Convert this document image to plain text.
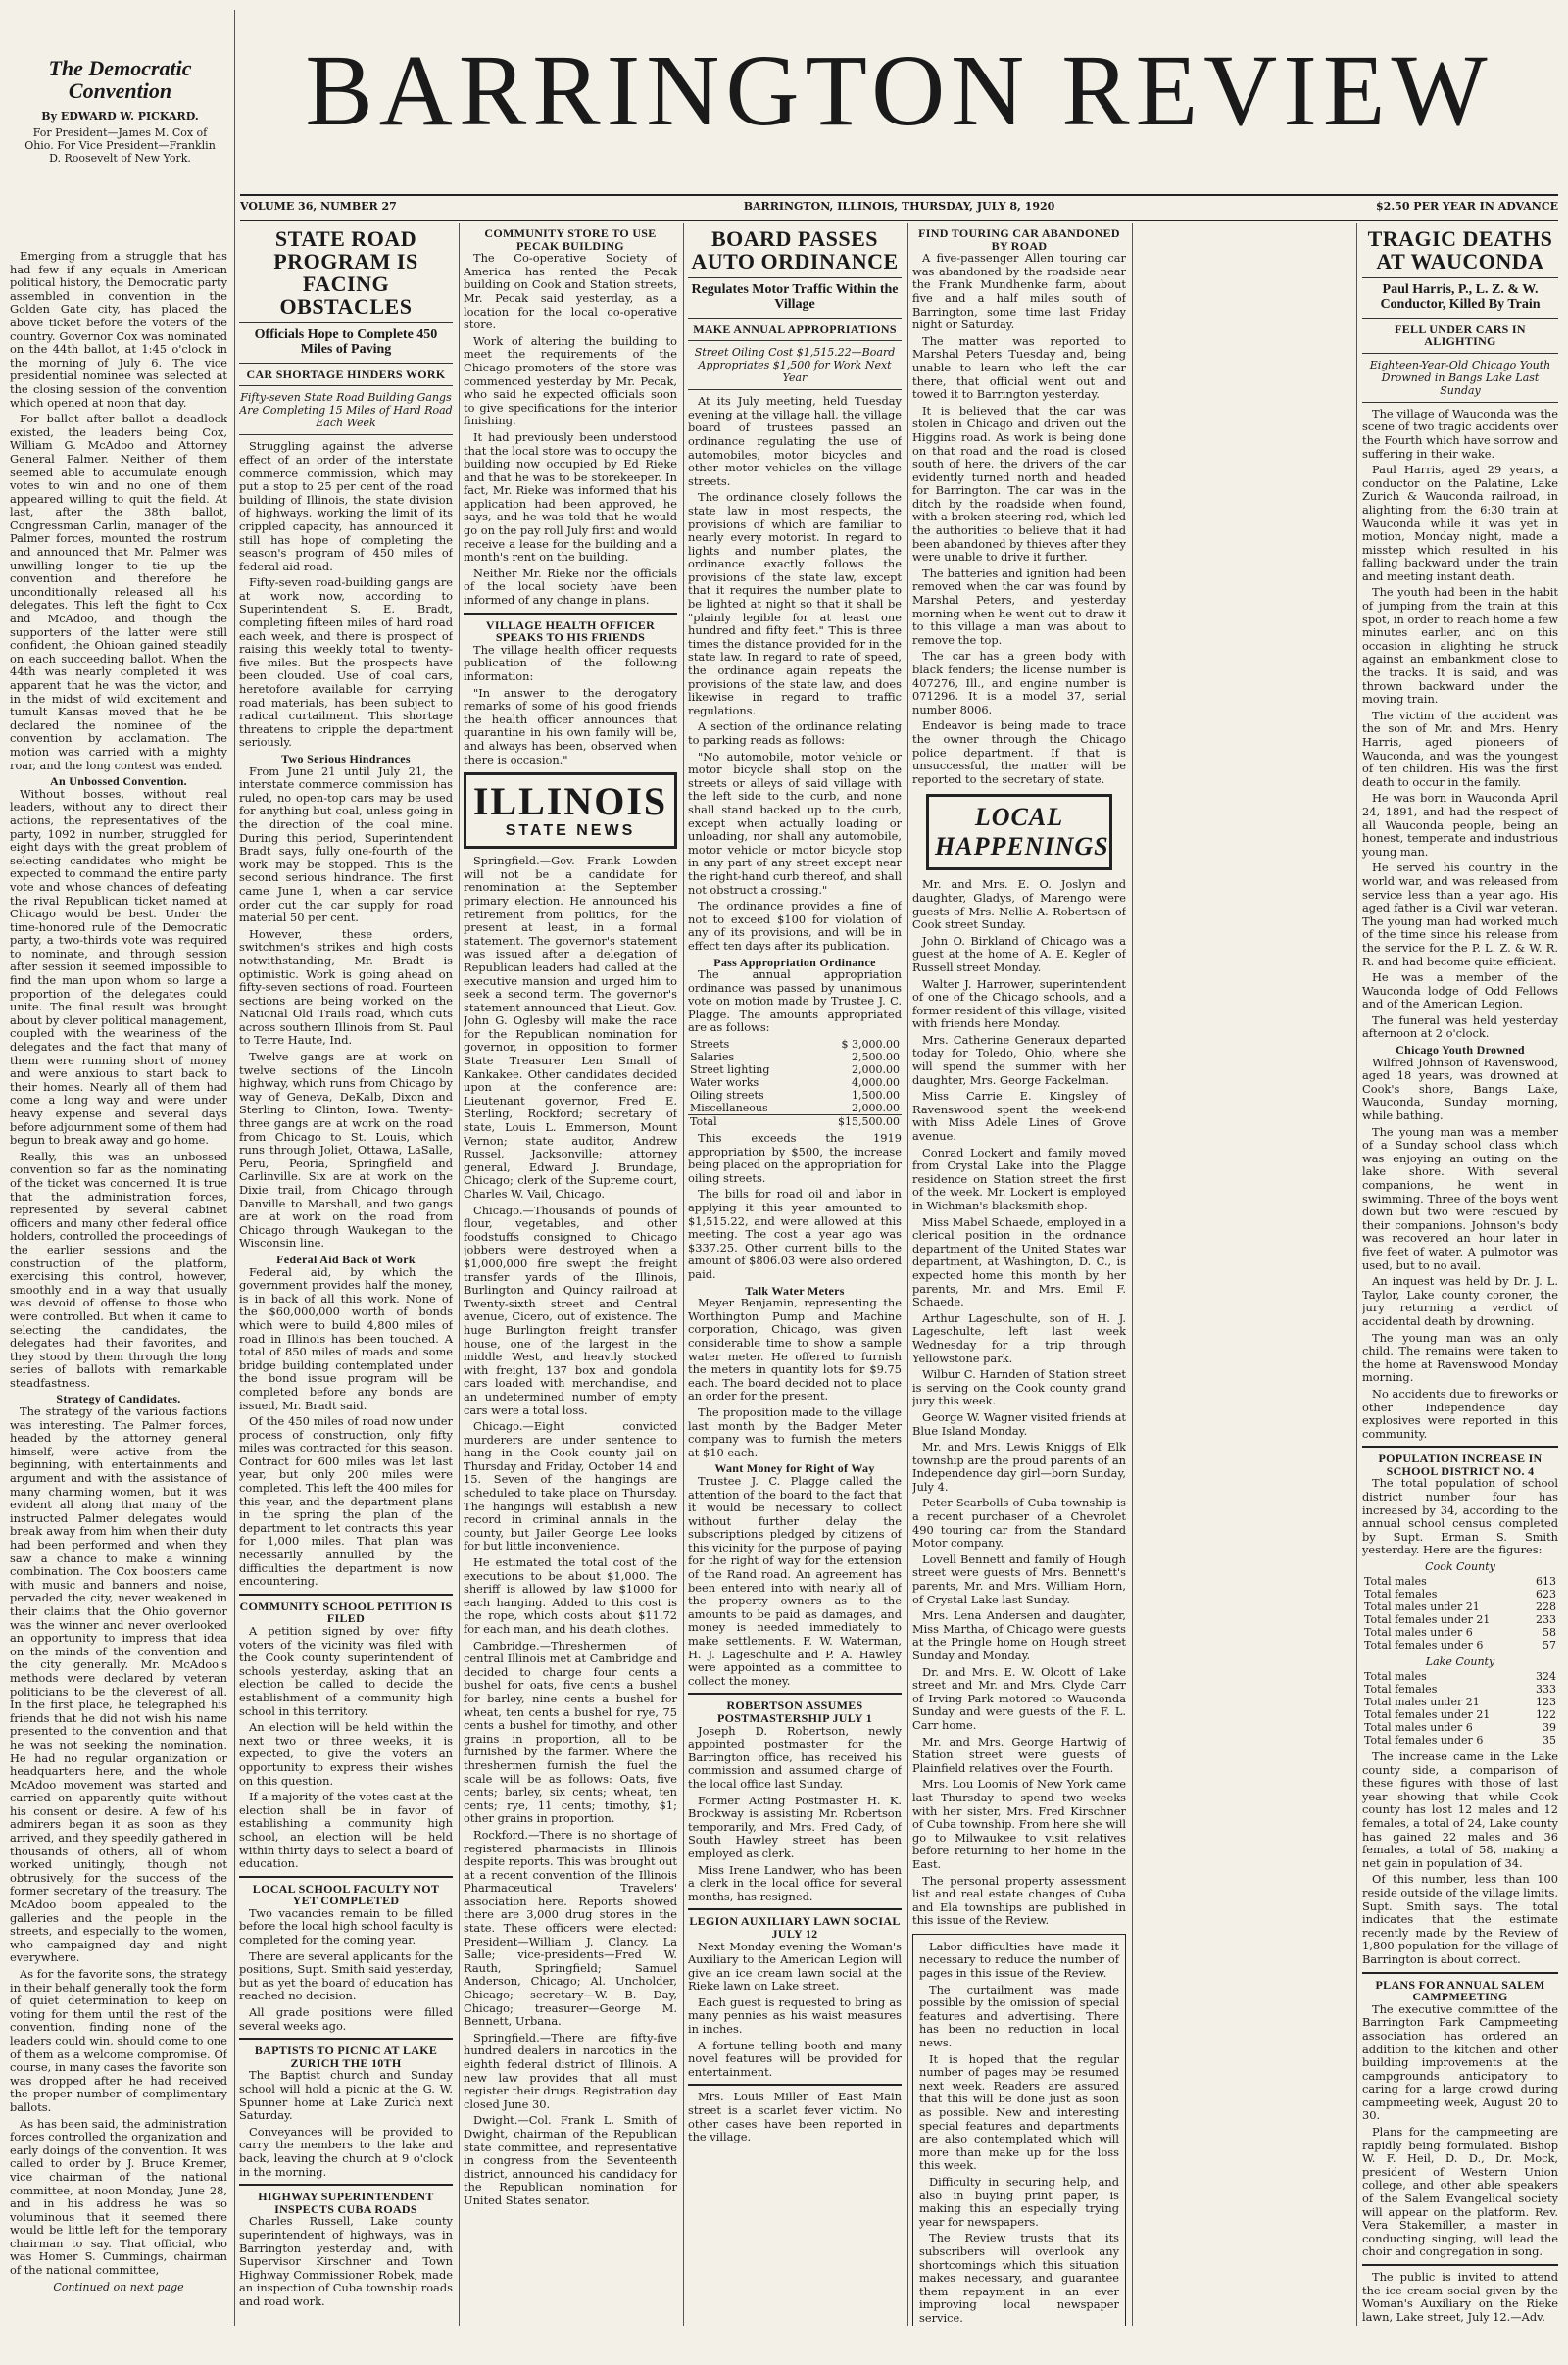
The Democratic Convention
By EDWARD W. PICKARD.
For President—James M. Cox of Ohio. For Vice President—Franklin D. Roosevelt of New York.
BARRINGTON REVIEW
VOLUME 36, NUMBER 27	BARRINGTON, ILLINOIS, THURSDAY, JULY 8, 1920	$2.50 PER YEAR IN ADVANCE

Emerging from a struggle that has had few if any equals in American political history, the Democratic party assembled in convention in the Golden Gate city, has placed the above ticket before the voters of the country. Governor Cox was nominated on the 44th ballot, at 1:45 o'clock in the morning of July 6. The vice presidential nominee was selected at the closing session of the convention which opened at noon that day.

For ballot after ballot a deadlock existed, the leaders being Cox, William G. McAdoo and Attorney General Palmer. Neither of them seemed able to accumulate enough votes to win and no one of them appeared willing to quit the field. At last, after the 38th ballot, Congressman Carlin, manager of the Palmer forces, mounted the rostrum and announced that Mr. Palmer was unwilling longer to tie up the convention and therefore he unconditionally released all his delegates. This left the fight to Cox and McAdoo, and though the supporters of the latter were still confident, the Ohioan gained steadily on each succeeding ballot. When the 44th was nearly completed it was apparent that he was the victor, and in the midst of wild excitement and tumult Kansas moved that he be declared the nominee of the convention by acclamation. The motion was carried with a mighty roar, and the long contest was ended.

An Unbossed Convention.

Without bosses, without real leaders, without any to direct their actions, the representatives of the party, 1092 in number, struggled for eight days with the great problem of selecting candidates who might be expected to command the entire party vote and whose chances of defeating the rival Republican ticket named at Chicago would be best. Under the time-honored rule of the Democratic party, a two-thirds vote was required to nominate, and through session after session it seemed impossible to find the man upon whom so large a proportion of the delegates could unite. The final result was brought about by clever political management, coupled with the weariness of the delegates and the fact that many of them were running short of money and were anxious to start back to their homes. Nearly all of them had come a long way and were under heavy expense and several days before adjournment some of them had begun to break away and go home.

Really, this was an unbossed convention so far as the nominating of the ticket was concerned. It is true that the administration forces, represented by several cabinet officers and many other federal office holders, controlled the proceedings of the earlier sessions and the construction of the platform, exercising this control, however, smoothly and in a way that usually was devoid of offense to those who were controlled. But when it came to selecting the candidates, the delegates had their favorites, and they stood by them through the long series of ballots with remarkable steadfastness.

Strategy of Candidates.

The strategy of the various factions was interesting. The Palmer forces, headed by the attorney general himself, were active from the beginning, with entertainments and argument and with the assistance of many charming women, but it was evident all along that many of the instructed Palmer delegates would break away from him when their duty had been performed and when they saw a chance to make a winning combination. The Cox boosters came with music and banners and noise, pervaded the city, never weakened in their claims that the Ohio governor was the winner and never overlooked an opportunity to impress that idea on the minds of the convention and the city generally. Mr. McAdoo's methods were declared by veteran politicians to be the cleverest of all. In the first place, he telegraphed his friends that he did not wish his name presented to the convention and that he was not seeking the nomination. He had no regular organization or headquarters here, and the whole McAdoo movement was started and carried on apparently quite without his consent or desire. A few of his admirers began it as soon as they arrived, and they speedily gathered in thousands of others, all of whom worked unitingly, though not obtrusively, for the success of the former secretary of the treasury. The McAdoo boom appealed to the galleries and the people in the streets, and especially to the women, who campaigned day and night everywhere.

As for the favorite sons, the strategy in their behalf generally took the form of quiet determination to keep on voting for them until the rest of the convention, finding none of the leaders could win, should come to one of them as a welcome compromise. Of course, in many cases the favorite son was dropped after he had received the proper number of complimentary ballots.

As has been said, the administration forces controlled the organization and early doings of the convention. It was called to order by J. Bruce Kremer, vice chairman of the national committee, at noon Monday, June 28, and in his address he was so voluminous that it seemed there would be little left for the temporary chairman to say. That official, who was Homer S. Cummings, chairman of the national committee,

Continued on next page
STATE ROAD PROGRAM IS FACING OBSTACLES
Officials Hope to Complete 450 Miles of Paving
CAR SHORTAGE HINDERS WORK
Fifty-seven State Road Building Gangs Are Completing 15 Miles of Hard Road Each Week

Struggling against the adverse effect of an order of the interstate commerce commission, which may put a stop to 25 per cent of the road building of Illinois, the state division of highways, working the limit of its crippled capacity, has announced it still has hope of completing the season's program of 450 miles of federal aid road.

Fifty-seven road-building gangs are at work now, according to Superintendent S. E. Bradt, completing fifteen miles of hard road each week, and there is prospect of raising this weekly total to twenty-five miles. But the prospects have been clouded. Use of coal cars, heretofore available for carrying road materials, has been subject to radical curtailment. This shortage threatens to cripple the department seriously.

Two Serious Hindrances

From June 21 until July 21, the interstate commerce commission has ruled, no open-top cars may be used for anything but coal, unless going in the direction of the coal mine. During this period, Superintendent Bradt says, fully one-fourth of the work may be stopped. This is the second serious hindrance. The first came June 1, when a car service order cut the car supply for road material 50 per cent.

However, these orders, switchmen's strikes and high costs notwithstanding, Mr. Bradt is optimistic. Work is going ahead on fifty-seven sections of road. Fourteen sections are being worked on the National Old Trails road, which cuts across southern Illinois from St. Paul to Terre Haute, Ind.

Twelve gangs are at work on twelve sections of the Lincoln highway, which runs from Chicago by way of Geneva, DeKalb, Dixon and Sterling to Clinton, Iowa. Twenty-three gangs are at work on the road from Chicago to St. Louis, which runs through Joliet, Ottawa, LaSalle, Peru, Peoria, Springfield and Carlinville. Six are at work on the Dixie trail, from Chicago through Danville to Marshall, and two gangs are at work on the road from Chicago through Waukegan to the Wisconsin line.

Federal Aid Back of Work

Federal aid, by which the government provides half the money, is in back of all this work. None of the $60,000,000 worth of bonds which were to build 4,800 miles of road in Illinois has been touched. A total of 850 miles of roads and some bridge building contemplated under the bond issue program will be completed before any bonds are issued, Mr. Bradt said.

Of the 450 miles of road now under process of construction, only fifty miles was contracted for this season. Contract for 600 miles was let last year, but only 200 miles were completed. This left the 400 miles for this year, and the department plans in the spring the plan of the department to let contracts this year for 1,000 miles. That plan was necessarily annulled by the difficulties the department is now encountering.

COMMUNITY SCHOOL PETITION IS FILED

A petition signed by over fifty voters of the vicinity was filed with the Cook county superintendent of schools yesterday, asking that an election be called to decide the establishment of a community high school in this territory.

An election will be held within the next two or three weeks, it is expected, to give the voters an opportunity to express their wishes on this question.

If a majority of the votes cast at the election shall be in favor of establishing a community high school, an election will be held within thirty days to select a board of education.

LOCAL SCHOOL FACULTY NOT YET COMPLETED

Two vacancies remain to be filled before the local high school faculty is completed for the coming year.

There are several applicants for the positions, Supt. Smith said yesterday, but as yet the board of education has reached no decision.

All grade positions were filled several weeks ago.

BAPTISTS TO PICNIC AT LAKE ZURICH THE 10TH

The Baptist church and Sunday school will hold a picnic at the G. W. Spunner home at Lake Zurich next Saturday.

Conveyances will be provided to carry the members to the lake and back, leaving the church at 9 o'clock in the morning.

HIGHWAY SUPERINTENDENT INSPECTS CUBA ROADS

Charles Russell, Lake county superintendent of highways, was in Barrington yesterday and, with Supervisor Kirschner and Town Highway Commissioner Robek, made an inspection of Cuba township roads and road work.

COMMUNITY STORE TO USE PECAK BUILDING

The Co-operative Society of America has rented the Pecak building on Cook and Station streets, Mr. Pecak said yesterday, as a location for the local co-operative store.

Work of altering the building to meet the requirements of the Chicago promoters of the store was commenced yesterday by Mr. Pecak, who said he expected officials soon to give specifications for the interior finishing.

It had previously been understood that the local store was to occupy the building now occupied by Ed Rieke and that he was to be storekeeper. In fact, Mr. Rieke was informed that his application had been approved, he says, and he was told that he would go on the pay roll July first and would receive a lease for the building and a month's rent on the building.

Neither Mr. Rieke nor the officials of the local society have been informed of any change in plans.

VILLAGE HEALTH OFFICER SPEAKS TO HIS FRIENDS

The village health officer requests publication of the following information:

"In answer to the derogatory remarks of some of his good friends the health officer announces that quarantine in his own family will be, and always has been, observed when there is occasion."

ILLINOIS
STATE NEWS

Springfield.—Gov. Frank Lowden will not be a candidate for renomination at the September primary election. He announced his retirement from politics, for the present at least, in a formal statement. The governor's statement was issued after a delegation of Republican leaders had called at the executive mansion and urged him to seek a second term. The governor's statement announced that Lieut. Gov. John G. Oglesby will make the race for the Republican nomination for governor, in opposition to former State Treasurer Len Small of Kankakee. Other candidates decided upon at the conference are: Lieutenant governor, Fred E. Sterling, Rockford; secretary of state, Louis L. Emmerson, Mount Vernon; state auditor, Andrew Russel, Jacksonville; attorney general, Edward J. Brundage, Chicago; clerk of the Supreme court, Charles W. Vail, Chicago.

Chicago.—Thousands of pounds of flour, vegetables, and other foodstuffs consigned to Chicago jobbers were destroyed when a $1,000,000 fire swept the freight transfer yards of the Illinois, Burlington and Quincy railroad at Twenty-sixth street and Central avenue, Cicero, out of existence. The huge Burlington freight transfer house, one of the largest in the middle West, and heavily stocked with freight, 137 box and gondola cars loaded with merchandise, and an undetermined number of empty cars were a total loss.

Chicago.—Eight convicted murderers are under sentence to hang in the Cook county jail on Thursday and Friday, October 14 and 15. Seven of the hangings are scheduled to take place on Thursday. The hangings will establish a new record in criminal annals in the county, but Jailer George Lee looks for but little inconvenience.

He estimated the total cost of the executions to be about $1,000. The sheriff is allowed by law $1000 for each hanging. Added to this cost is the rope, which costs about $11.72 for each man, and his death clothes.

Cambridge.—Threshermen of central Illinois met at Cambridge and decided to charge four cents a bushel for oats, five cents a bushel for barley, nine cents a bushel for wheat, ten cents a bushel for rye, 75 cents a bushel for timothy, and other grains in proportion, all to be furnished by the farmer. Where the threshermen furnish the fuel the scale will be as follows: Oats, five cents; barley, six cents; wheat, ten cents; rye, 11 cents; timothy, $1; other grains in proportion.

Rockford.—There is no shortage of registered pharmacists in Illinois despite reports. This was brought out at a recent convention of the Illinois Pharmaceutical Travelers' association here. Reports showed there are 3,000 drug stores in the state. These officers were elected: President—William J. Clancy, La Salle; vice-presidents—Fred W. Rauth, Springfield; Samuel Anderson, Chicago; Al. Uncholder, Chicago; secretary—W. B. Day, Chicago; treasurer—George M. Bennett, Urbana.

Springfield.—There are fifty-five hundred dealers in narcotics in the eighth federal district of Illinois. A new law provides that all must register their drugs. Registration day closed June 30.

Dwight.—Col. Frank L. Smith of Dwight, chairman of the Republican state committee, and representative in congress from the Seventeenth district, announced his candidacy for the Republican nomination for United States senator.

BOARD PASSES AUTO ORDINANCE
Regulates Motor Traffic Within the Village
MAKE ANNUAL APPROPRIATIONS
Street Oiling Cost $1,515.22—Board Appropriates $1,500 for Work Next Year

At its July meeting, held Tuesday evening at the village hall, the village board of trustees passed an ordinance regulating the use of automobiles, motor bicycles and other motor vehicles on the village streets.

The ordinance closely follows the state law in most respects, the provisions of which are familiar to nearly every motorist. In regard to lights and number plates, the ordinance exactly follows the provisions of the state law, except that it requires the number plate to be lighted at night so that it shall be "plainly legible for at least one hundred and fifty feet." This is three times the distance provided for in the state law. In regard to rate of speed, the ordinance again repeats the provisions of the state law, and does likewise in regard to traffic regulations.

A section of the ordinance relating to parking reads as follows:

"No automobile, motor vehicle or motor bicycle shall stop on the streets or alleys of said village with the left side to the curb, and none shall stand backed up to the curb, except when actually loading or unloading, nor shall any automobile, motor vehicle or motor bicycle stop in any part of any street except near the right-hand curb thereof, and shall not obstruct a crossing."

The ordinance provides a fine of not to exceed $100 for violation of any of its provisions, and will be in effect ten days after its publication.

Pass Appropriation Ordinance

The annual appropriation ordinance was passed by unanimous vote on motion made by Trustee J. C. Plagge. The amounts appropriated are as follows:

Streets	$ 3,000.00
Salaries	2,500.00
Street lighting	2,000.00
Water works	4,000.00
Oiling streets	1,500.00
Miscellaneous	2,000.00
Total	$15,500.00

This exceeds the 1919 appropriation by $500, the increase being placed on the appropriation for oiling streets.

The bills for road oil and labor in applying it this year amounted to $1,515.22, and were allowed at this meeting. The cost a year ago was $337.25. Other current bills to the amount of $806.03 were also ordered paid.

Talk Water Meters

Meyer Benjamin, representing the Worthington Pump and Machine corporation, Chicago, was given considerable time to show a sample water meter. He offered to furnish the meters in quantity lots for $9.75 each. The board decided not to place an order for the present.

The proposition made to the village last month by the Badger Meter company was to furnish the meters at $10 each.

Want Money for Right of Way

Trustee J. C. Plagge called the attention of the board to the fact that it would be necessary to collect without further delay the subscriptions pledged by citizens of this vicinity for the purpose of paying for the right of way for the extension of the Rand road. An agreement has been entered into with nearly all of the property owners as to the amounts to be paid as damages, and money is needed immediately to make settlements. F. W. Waterman, H. J. Lageschulte and P. A. Hawley were appointed as a committee to collect the money.

ROBERTSON ASSUMES POSTMASTERSHIP JULY 1

Joseph D. Robertson, newly appointed postmaster for the Barrington office, has received his commission and assumed charge of the local office last Sunday.

Former Acting Postmaster H. K. Brockway is assisting Mr. Robertson temporarily, and Mrs. Fred Cady, of South Hawley street has been employed as clerk.

Miss Irene Landwer, who has been a clerk in the local office for several months, has resigned.

LEGION AUXILIARY LAWN SOCIAL JULY 12

Next Monday evening the Woman's Auxiliary to the American Legion will give an ice cream lawn social at the Rieke lawn on Lake street.

Each guest is requested to bring as many pennies as his waist measures in inches.

A fortune telling booth and many novel features will be provided for entertainment.

Mrs. Louis Miller of East Main street is a scarlet fever victim. No other cases have been reported in the village.

FIND TOURING CAR ABANDONED BY ROAD

A five-passenger Allen touring car was abandoned by the roadside near the Frank Mundhenke farm, about five and a half miles south of Barrington, some time last Friday night or Saturday.

The matter was reported to Marshal Peters Tuesday and, being unable to learn who left the car there, that official went out and towed it to Barrington yesterday.

It is believed that the car was stolen in Chicago and driven out the Higgins road. As work is being done on that road and the road is closed south of here, the drivers of the car evidently turned north and headed for Barrington. The car was in the ditch by the roadside when found, with a broken steering rod, which led the authorities to believe that it had been abandoned by thieves after they were unable to drive it further.

The batteries and ignition had been removed when the car was found by Marshal Peters, and yesterday morning when he went out to draw it to this village a man was about to remove the top.

The car has a green body with black fenders; the license number is 407276, Ill., and engine number is 071296. It is a model 37, serial number 8006.

Endeavor is being made to trace the owner through the Chicago police department. If that is unsuccessful, the matter will be reported to the secretary of state.

LOCAL HAPPENINGS

Mr. and Mrs. E. O. Joslyn and daughter, Gladys, of Marengo were guests of Mrs. Nellie A. Robertson of Cook street Sunday.

John O. Birkland of Chicago was a guest at the home of A. E. Kegler of Russell street Monday.

Walter J. Harrower, superintendent of one of the Chicago schools, and a former resident of this village, visited with friends here Monday.

Mrs. Catherine Generaux departed today for Toledo, Ohio, where she will spend the summer with her daughter, Mrs. George Fackelman.

Miss Carrie E. Kingsley of Ravenswood spent the week-end with Miss Adele Lines of Grove avenue.

Conrad Lockert and family moved from Crystal Lake into the Plagge residence on Station street the first of the week. Mr. Lockert is employed in Wichman's blacksmith shop.

Miss Mabel Schaede, employed in a clerical position in the ordnance department of the United States war department, at Washington, D. C., is expected home this month by her parents, Mr. and Mrs. Emil F. Schaede.

Arthur Lageschulte, son of H. J. Lageschulte, left last week Wednesday for a trip through Yellowstone park.

Wilbur C. Harnden of Station street is serving on the Cook county grand jury this week.

George W. Wagner visited friends at Blue Island Monday.

Mr. and Mrs. Lewis Kniggs of Elk township are the proud parents of an Independence day girl—born Sunday, July 4.

Peter Scarbolls of Cuba township is a recent purchaser of a Chevrolet 490 touring car from the Standard Motor company.

Lovell Bennett and family of Hough street were guests of Mrs. Bennett's parents, Mr. and Mrs. William Horn, of Crystal Lake last Sunday.

Mrs. Lena Andersen and daughter, Miss Martha, of Chicago were guests at the Pringle home on Hough street Sunday and Monday.

Dr. and Mrs. E. W. Olcott of Lake street and Mr. and Mrs. Clyde Carr of Irving Park motored to Wauconda Sunday and were guests of the F. L. Carr home.

Mr. and Mrs. George Hartwig of Station street were guests of Plainfield relatives over the Fourth.

Mrs. Lou Loomis of New York came last Thursday to spend two weeks with her sister, Mrs. Fred Kirschner of Cuba township. From here she will go to Milwaukee to visit relatives before returning to her home in the East.

The personal property assessment list and real estate changes of Cuba and Ela townships are published in this issue of the Review.

Labor difficulties have made it necessary to reduce the number of pages in this issue of the Review.

The curtailment was made possible by the omission of special features and advertising. There has been no reduction in local news.

It is hoped that the regular number of pages may be resumed next week. Readers are assured that this will be done just as soon as possible. New and interesting special features and departments are also contemplated which will more than make up for the loss this week.

Difficulty in securing help, and also in buying print paper, is making this an especially trying year for newspapers.

The Review trusts that its subscribers will overlook any shortcomings which this situation makes necessary, and guarantee them repayment in an ever improving local newspaper service.

TRAGIC DEATHS AT WAUCONDA
Paul Harris, P., L. Z. & W. Conductor, Killed By Train
FELL UNDER CARS IN ALIGHTING
Eighteen-Year-Old Chicago Youth Drowned in Bangs Lake Last Sunday

The village of Wauconda was the scene of two tragic accidents over the Fourth which have sorrow and suffering in their wake.

Paul Harris, aged 29 years, a conductor on the Palatine, Lake Zurich & Wauconda railroad, in alighting from the 6:30 train at Wauconda while it was yet in motion, Monday night, made a misstep which resulted in his falling backward under the train and meeting instant death.

The youth had been in the habit of jumping from the train at this spot, in order to reach home a few minutes earlier, and on this occasion in alighting he struck against an embankment close to the tracks. It is said, and was thrown backward under the moving train.

The victim of the accident was the son of Mr. and Mrs. Henry Harris, aged pioneers of Wauconda, and was the youngest of ten children. His was the first death to occur in the family.

He was born in Wauconda April 24, 1891, and had the respect of all Wauconda people, being an honest, temperate and industrious young man.

He served his country in the world war, and was released from service less than a year ago. His aged father is a Civil war veteran. The young man had worked much of the time since his release from the service for the P. L. Z. & W. R. R. and had become quite efficient.

He was a member of the Wauconda lodge of Odd Fellows and of the American Legion.

The funeral was held yesterday afternoon at 2 o'clock.

Chicago Youth Drowned

Wilfred Johnson of Ravenswood, aged 18 years, was drowned at Cook's shore, Bangs Lake, Wauconda, Sunday morning, while bathing.

The young man was a member of a Sunday school class which was enjoying an outing on the lake shore. With several companions, he went in swimming. Three of the boys went down but two were rescued by their companions. Johnson's body was recovered an hour later in five feet of water. A pulmotor was used, but to no avail.

An inquest was held by Dr. J. L. Taylor, Lake county coroner, the jury returning a verdict of accidental death by drowning.

The young man was an only child. The remains were taken to the home at Ravenswood Monday morning.

No accidents due to fireworks or other Independence day explosives were reported in this community.

POPULATION INCREASE IN SCHOOL DISTRICT NO. 4

The total population of school district number four has increased by 34, according to the annual school census completed by Supt. Erman S. Smith yesterday. Here are the figures:

Cook County
Total males	613
Total females	623
Total males under 21	228
Total females under 21	233
Total males under 6	58
Total females under 6	57
Lake County
Total males	324
Total females	333
Total males under 21	123
Total females under 21	122
Total males under 6	39
Total females under 6	35

The increase came in the Lake county side, a comparison of these figures with those of last year showing that while Cook county has lost 12 males and 12 females, a total of 24, Lake county has gained 22 males and 36 females, a total of 58, making a net gain in population of 34.

Of this number, less than 100 reside outside of the village limits, Supt. Smith says. The total indicates that the estimate recently made by the Review of 1,800 population for the village of Barrington is about correct.

PLANS FOR ANNUAL SALEM CAMPMEETING

The executive committee of the Barrington Park Campmeeting association has ordered an addition to the kitchen and other building improvements at the campgrounds anticipatory to caring for a large crowd during campmeeting week, August 20 to 30.

Plans for the campmeeting are rapidly being formulated. Bishop W. F. Heil, D. D., Dr. Mock, president of Western Union college, and other able speakers of the Salem Evangelical society will appear on the platform. Rev. Vera Stakemiller, a master in conducting singing, will lead the choir and congregation in song.

The public is invited to attend the ice cream social given by the Woman's Auxiliary on the Rieke lawn, Lake street, July 12.—Adv.
